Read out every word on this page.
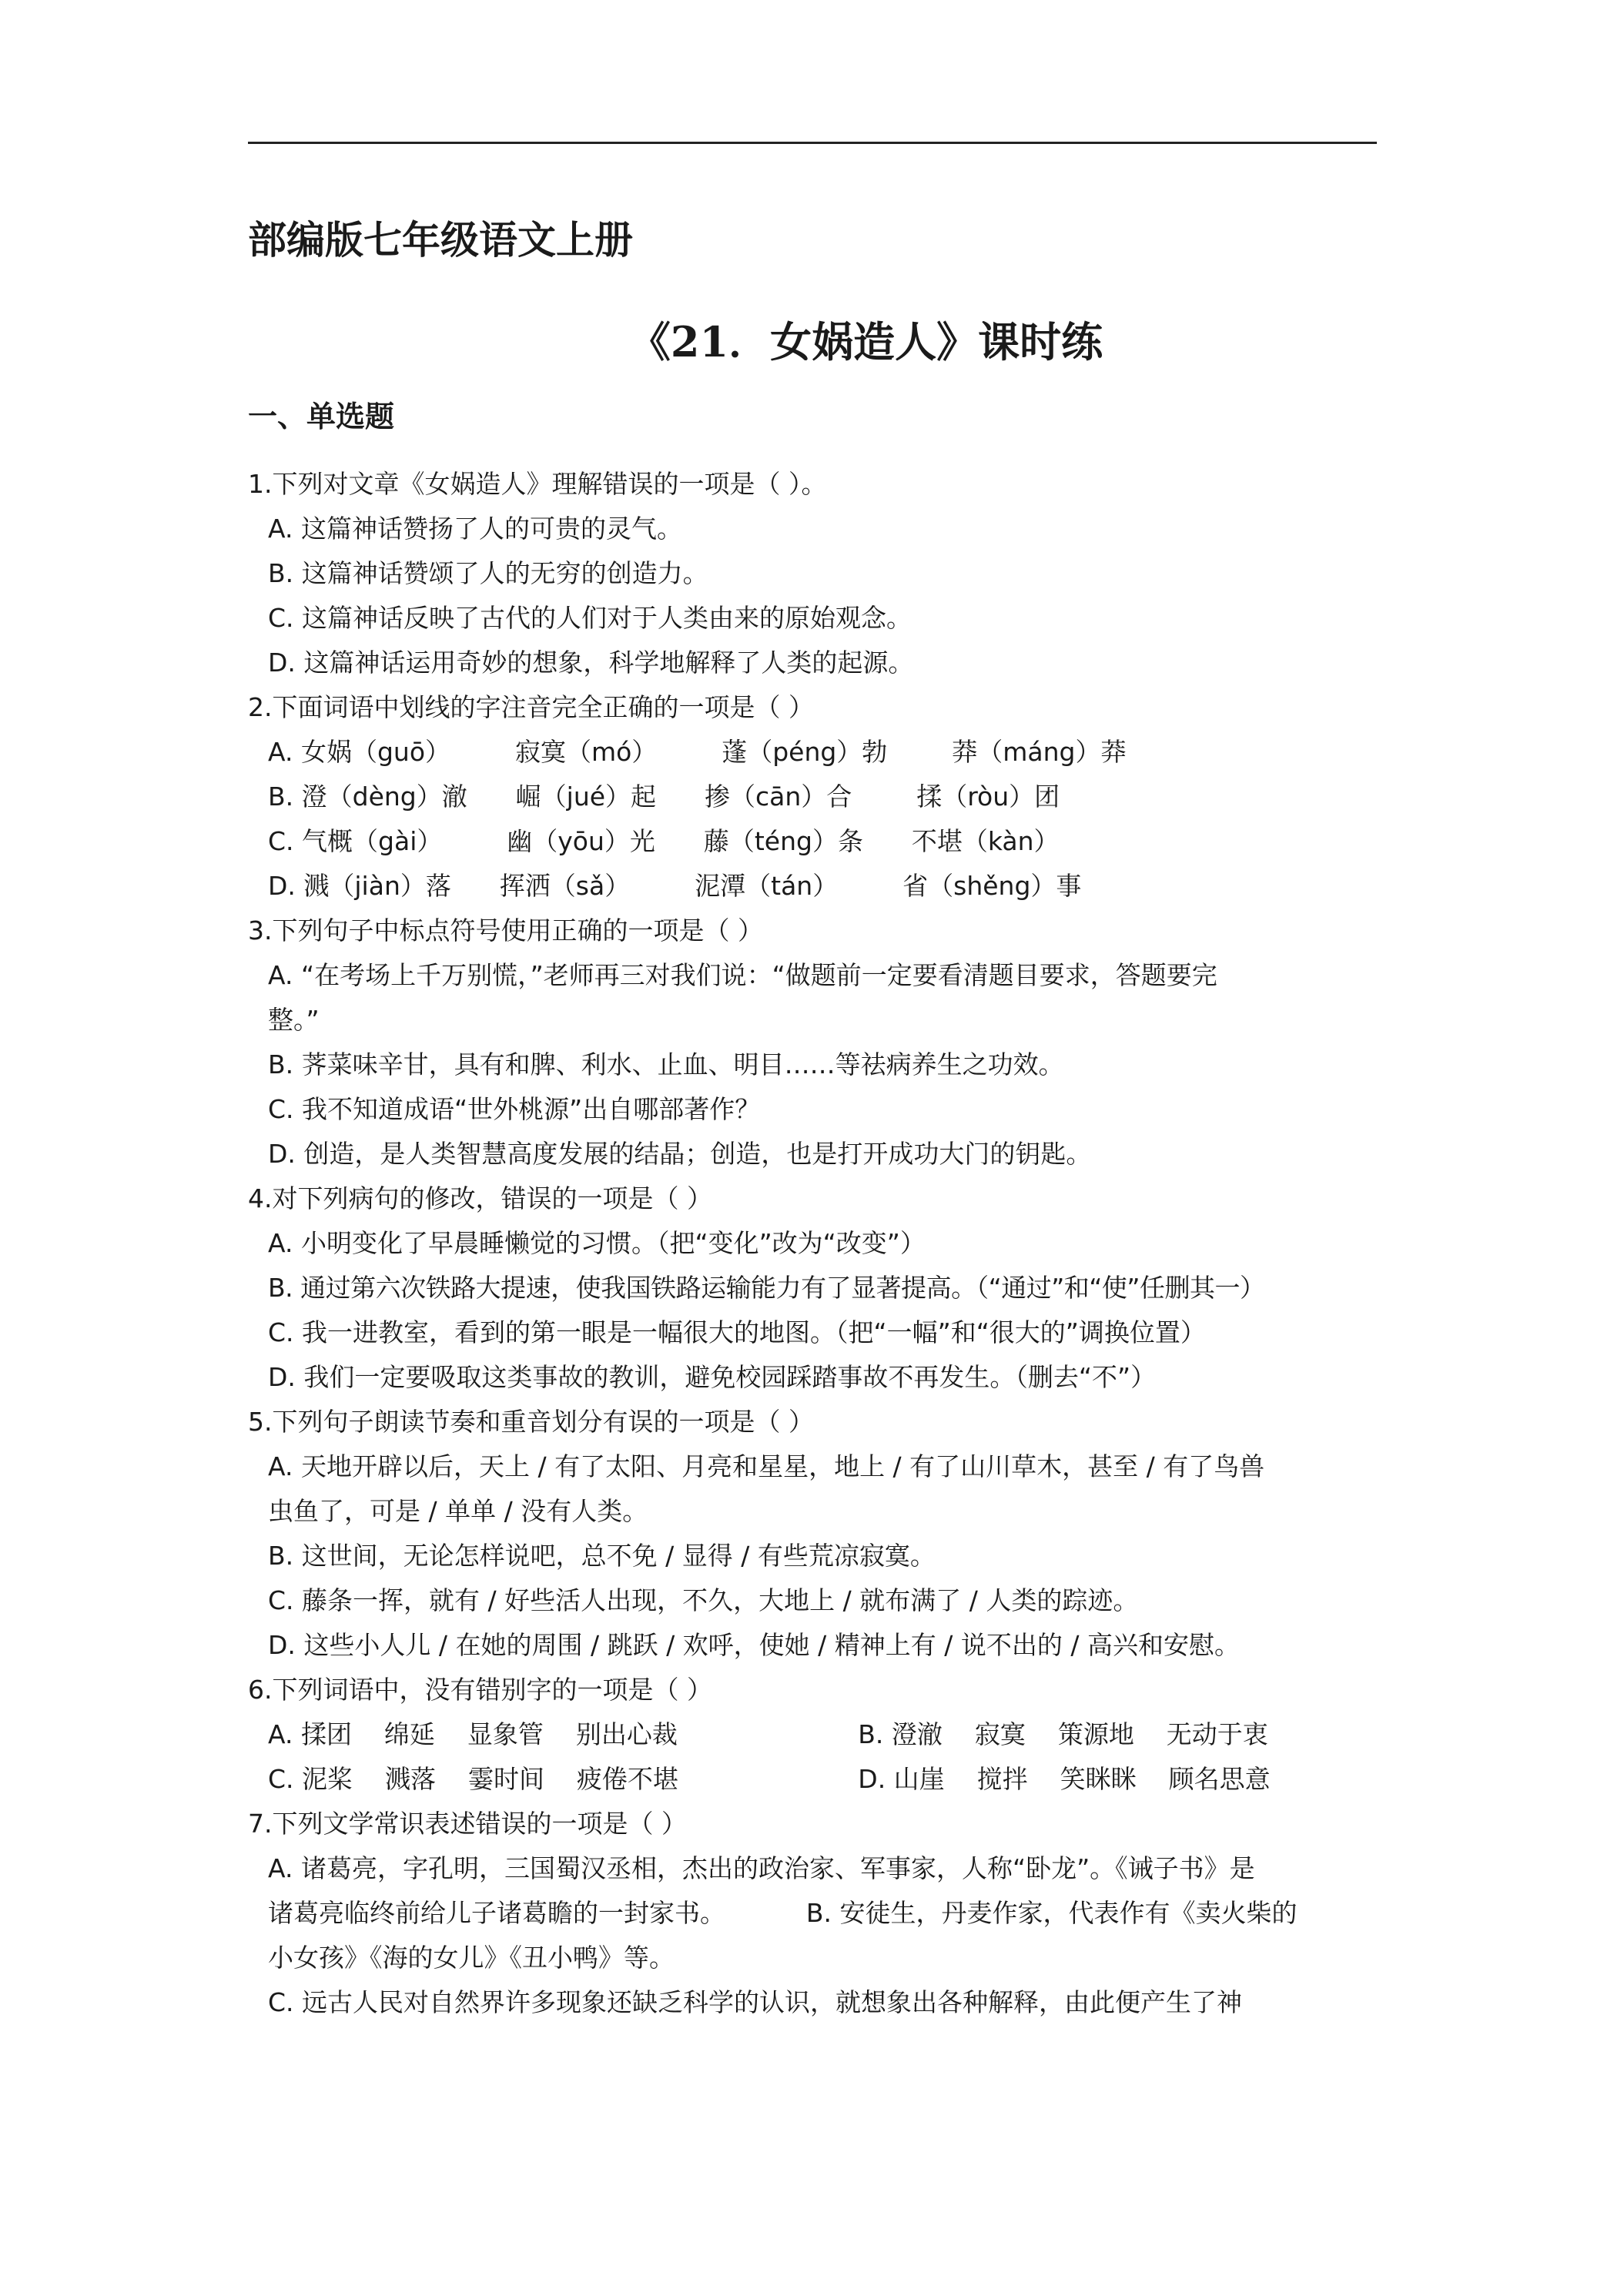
部编版七年级语文上册
《21．女娲造人》课时练
一、单选题
1.下列对文章《女娲造人》理解错误的一项是（ ）。
A. 这篇神话赞扬了人的可贵的灵气。
B. 这篇神话赞颂了人的无穷的创造力。
C. 这篇神话反映了古代的人们对于人类由来的原始观念。
D. 这篇神话运用奇妙的想象，科学地解释了人类的起源。
2.下面词语中划线的字注音完全正确的一项是（ ）
A. 女娲（guō）        寂寞（mó）        蓬（péng）勃        莽（máng）莽
B. 澄（dèng）澈      崛（jué）起      掺（cān）合        揉（ròu）团
C. 气概（gài）        幽（yōu）光      藤（téng）条      不堪（kàn）
D. 溅（jiàn）落      挥洒（sǎ）        泥潭（tán）        省（shěng）事
3.下列句子中标点符号使用正确的一项是（ ）
A. “在考场上千万别慌，”老师再三对我们说：“做题前一定要看清题目要求，答题要完
整。”
B. 荠菜味辛甘，具有和脾、利水、止血、明目……等祛病养生之功效。
C. 我不知道成语“世外桃源”出自哪部著作？
D. 创造，是人类智慧高度发展的结晶；创造，也是打开成功大门的钥匙。
4.对下列病句的修改，错误的一项是（ ）
A. 小明变化了早晨睡懒觉的习惯。（把“变化”改为“改变”）
B. 通过第六次铁路大提速，使我国铁路运输能力有了显著提高。（“通过”和“使”任删其一）
C. 我一进教室，看到的第一眼是一幅很大的地图。（把“一幅”和“很大的”调换位置）
D. 我们一定要吸取这类事故的教训，避免校园踩踏事故不再发生。（删去“不”）
5.下列句子朗读节奏和重音划分有误的一项是（ ）
A. 天地开辟以后，天上 / 有了太阳、月亮和星星，地上 / 有了山川草木，甚至 / 有了鸟兽
虫鱼了，可是 / 单单 / 没有人类。
B. 这世间，无论怎样说吧，总不免 / 显得 / 有些荒凉寂寞。
C. 藤条一挥，就有 / 好些活人出现，不久，大地上 / 就布满了 / 人类的踪迹。
D. 这些小人儿 / 在她的周围 / 跳跃 / 欢呼，使她 / 精神上有 / 说不出的 / 高兴和安慰。
6.下列词语中，没有错别字的一项是（ ）
A. 揉团    绵延    显象管    别出心裁	B. 澄澈    寂寞    策源地    无动于衷
C. 泥桨    溅落    霎时间    疲倦不堪	D. 山崖    搅拌    笑眯眯    顾名思意
7.下列文学常识表述错误的一项是（ ）
A. 诸葛亮，字孔明，三国蜀汉丞相，杰出的政治家、军事家，人称“卧龙”。《诫子书》是
诸葛亮临终前给儿子诸葛瞻的一封家书。          B. 安徒生，丹麦作家，代表作有《卖火柴的
小女孩》《海的女儿》《丑小鸭》等。
C. 远古人民对自然界许多现象还缺乏科学的认识，就想象出各种解释，由此便产生了神
